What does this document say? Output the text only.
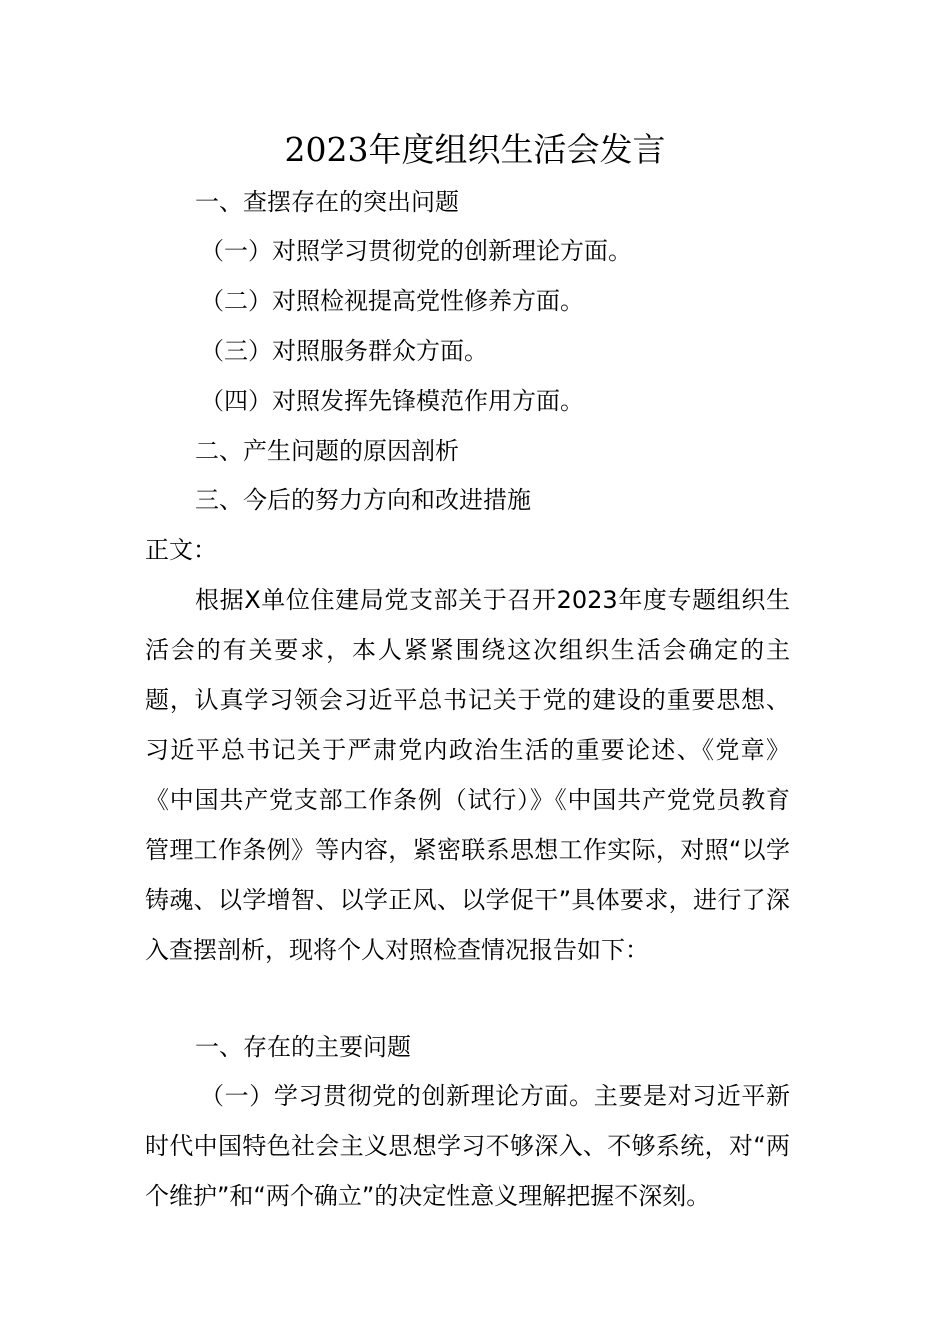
2023年度组织生活会发言
一、查摆存在的突出问题
（一）对照学习贯彻党的创新理论方面。
（二）对照检视提高党性修养方面。
（三）对照服务群众方面。
（四）对照发挥先锋模范作用方面。
二、产生问题的原因剖析
三、今后的努力方向和改进措施
正文：
根据X单位住建局党支部关于召开2023年度专题组织生活会的有关要求，本人紧紧围绕这次组织生活会确定的主题，认真学习领会习近平总书记关于党的建设的重要思想、习近平总书记关于严肃党内政治生活的重要论述、《党章》《中国共产党支部工作条例（试行）》《中国共产党党员教育管理工作条例》等内容，紧密联系思想工作实际，对照“以学铸魂、以学增智、以学正风、以学促干”具体要求，进行了深入查摆剖析，现将个人对照检查情况报告如下：
一、存在的主要问题
（一）学习贯彻党的创新理论方面。主要是对习近平新时代中国特色社会主义思想学习不够深入、不够系统，对“两个维护”和“两个确立”的决定性意义理解把握不深刻。
